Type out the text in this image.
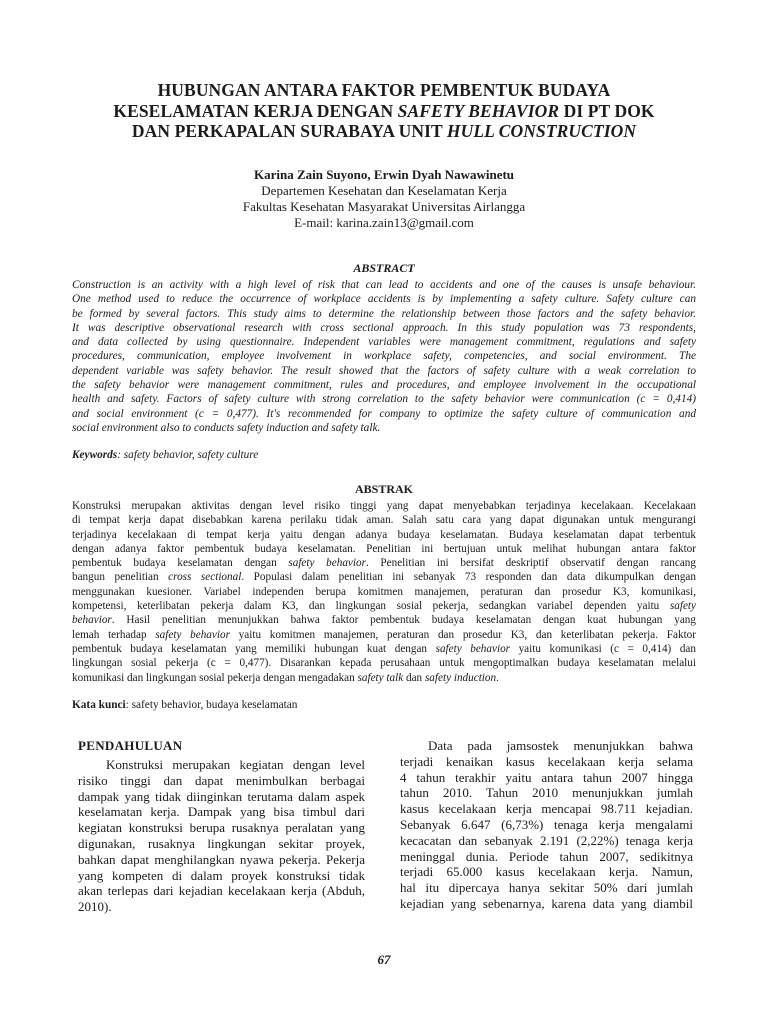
HUBUNGAN ANTARA FAKTOR PEMBENTUK BUDAYA
KESELAMATAN KERJA DENGAN SAFETY BEHAVIOR DI PT DOK
DAN PERKAPALAN SURABAYA UNIT HULL CONSTRUCTION
Karina Zain Suyono, Erwin Dyah Nawawinetu
Departemen Kesehatan dan Keselamatan Kerja
Fakultas Kesehatan Masyarakat Universitas Airlangga
E-mail: karina.zain13@gmail.com
ABSTRACT
Construction is an activity with a high level of risk that can lead to accidents and one of the causes is unsafe behaviour.
One method used to reduce the occurrence of workplace accidents is by implementing a safety culture. Safety culture can
be formed by several factors. This study aims to determine the relationship between those factors and the safety behavior.
It was descriptive observational research with cross sectional approach. In this study population was 73 respondents,
and data collected by using questionnaire. Independent variables were management commitment, regulations and safety
procedures, communication, employee involvement in workplace safety, competencies, and social environment. The
dependent variable was safety behavior. The result showed that the factors of safety culture with a weak correlation to
the safety behavior were management commitment, rules and procedures, and employee involvement in the occupational
health and safety. Factors of safety culture with strong correlation to the safety behavior were communication (c = 0,414)
and social environment (c = 0,477). It's recommended for company to optimize the safety culture of communication and
social environment also to conducts safety induction and safety talk.
Keywords: safety behavior, safety culture
ABSTRAK
Konstruksi merupakan aktivitas dengan level risiko tinggi yang dapat menyebabkan terjadinya kecelakaan. Kecelakaan
di tempat kerja dapat disebabkan karena perilaku tidak aman. Salah satu cara yang dapat digunakan untuk mengurangi
terjadinya kecelakaan di tempat kerja yaitu dengan adanya budaya keselamatan. Budaya keselamatan dapat terbentuk
dengan adanya faktor pembentuk budaya keselamatan. Penelitian ini bertujuan untuk melihat hubungan antara faktor
pembentuk budaya keselamatan dengan safety behavior. Penelitian ini bersifat deskriptif observatif dengan rancang
bangun penelitian cross sectional. Populasi dalam penelitian ini sebanyak 73 responden dan data dikumpulkan dengan
menggunakan kuesioner. Variabel independen berupa komitmen manajemen, peraturan dan prosedur K3, komunikasi,
kompetensi, keterlibatan pekerja dalam K3, dan lingkungan sosial pekerja, sedangkan variabel dependen yaitu safety
behavior. Hasil penelitian menunjukkan bahwa faktor pembentuk budaya keselamatan dengan kuat hubungan yang
lemah terhadap safety behavior yaitu komitmen manajemen, peraturan dan prosedur K3, dan keterlibatan pekerja. Faktor
pembentuk budaya keselamatan yang memiliki hubungan kuat dengan safety behavior yaitu komunikasi (c = 0,414) dan
lingkungan sosial pekerja (c = 0,477). Disarankan kepada perusahaan untuk mengoptimalkan budaya keselamatan melalui
komunikasi dan lingkungan sosial pekerja dengan mengadakan safety talk dan safety induction.
Kata kunci: safety behavior, budaya keselamatan
PENDAHULUAN
Konstruksi merupakan kegiatan dengan level
risiko tinggi dan dapat menimbulkan berbagai
dampak yang tidak diinginkan terutama dalam aspek
keselamatan kerja. Dampak yang bisa timbul dari
kegiatan konstruksi berupa rusaknya peralatan yang
digunakan, rusaknya lingkungan sekitar proyek,
bahkan dapat menghilangkan nyawa pekerja. Pekerja
yang kompeten di dalam proyek konstruksi tidak
akan terlepas dari kejadian kecelakaan kerja (Abduh,
2010).
Data pada jamsostek menunjukkan bahwa
terjadi kenaikan kasus kecelakaan kerja selama
4 tahun terakhir yaitu antara tahun 2007 hingga
tahun 2010. Tahun 2010 menunjukkan jumlah
kasus kecelakaan kerja mencapai 98.711 kejadian.
Sebanyak 6.647 (6,73%) tenaga kerja mengalami
kecacatan dan sebanyak 2.191 (2,22%) tenaga kerja
meninggal dunia. Periode tahun 2007, sedikitnya
terjadi 65.000 kasus kecelakaan kerja. Namun,
hal itu dipercaya hanya sekitar 50% dari jumlah
kejadian yang sebenarnya, karena data yang diambil
67
